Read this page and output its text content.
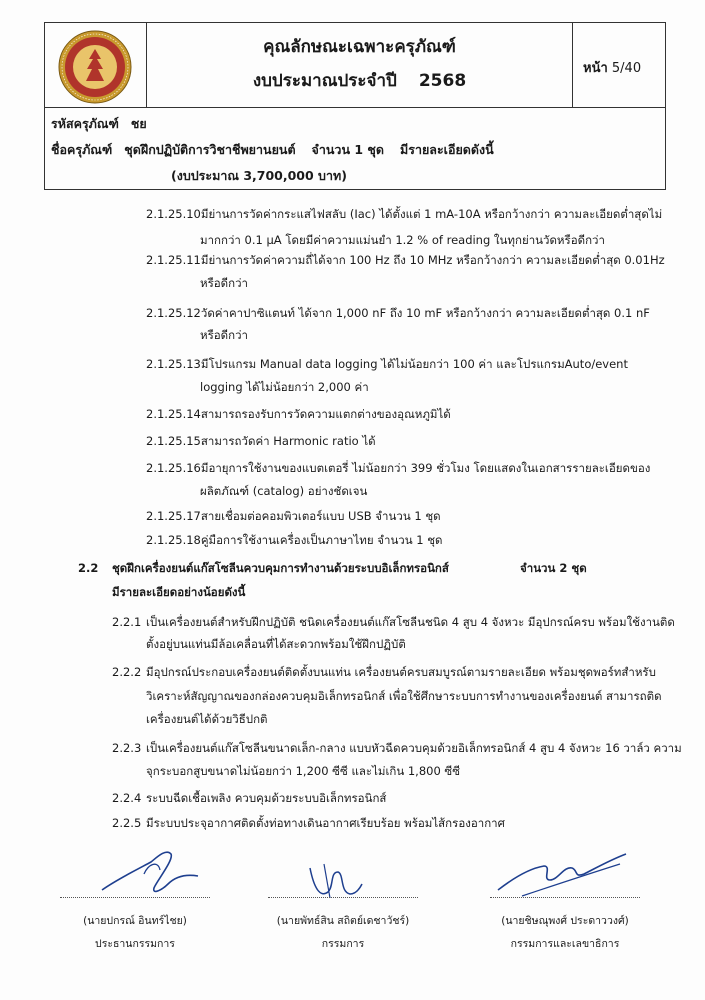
คุณลักษณะเฉพาะครุภัณฑ์
งบประมาณประจำปี 2568
หน้า 5/40
รหัสครุภัณฑ์ ชย
ชื่อครุภัณฑ์ ชุดฝึกปฏิบัติการวิชาชีพยานยนต์ จำนวน 1 ชุด มีรายละเอียดดังนี้
(งบประมาณ 3,700,000 บาท)
2.1.25.10มีย่านการวัดค่ากระแสไฟสลับ (Iac) ได้ตั้งแต่ 1 mA-10A หรือกว้างกว่า ความละเอียดต่ำสุดไม่
มากกว่า 0.1 μA โดยมีค่าความแม่นยำ 1.2 % of reading ในทุกย่านวัดหรือดีกว่า
2.1.25.11มีย่านการวัดค่าความถี่ได้จาก 100 Hz ถึง 10 MHz หรือกว้างกว่า ความละเอียดต่ำสุด 0.01Hz
หรือดีกว่า
2.1.25.12วัดค่าคาปาซิแตนท์ ได้จาก 1,000 nF ถึง 10 mF หรือกว้างกว่า ความละเอียดต่ำสุด 0.1 nF
หรือดีกว่า
2.1.25.13มีโปรแกรม Manual data logging ได้ไม่น้อยกว่า 100 ค่า และโปรแกรมAuto/event
logging ได้ไม่น้อยกว่า 2,000 ค่า
2.1.25.14สามารถรองรับการวัดความแตกต่างของอุณหภูมิได้
2.1.25.15สามารถวัดค่า Harmonic ratio ได้
2.1.25.16มีอายุการใช้งานของแบตเตอรี่ ไม่น้อยกว่า 399 ชั่วโมง โดยแสดงในเอกสารรายละเอียดของ
ผลิตภัณฑ์ (catalog) อย่างชัดเจน
2.1.25.17สายเชื่อมต่อคอมพิวเตอร์แบบ USB จำนวน 1 ชุด
2.1.25.18คู่มือการใช้งานเครื่องเป็นภาษาไทย จำนวน 1 ชุด
2.2 ชุดฝึกเครื่องยนต์แก๊สโซลีนควบคุมการทำงานด้วยระบบอิเล็กทรอนิกส์	จำนวน 2 ชุด
มีรายละเอียดอย่างน้อยดังนี้
2.2.1 เป็นเครื่องยนต์สำหรับฝึกปฏิบัติ ชนิดเครื่องยนต์แก๊สโซลีนชนิด 4 สูบ 4 จังหวะ มีอุปกรณ์ครบ พร้อมใช้งานติด
ตั้งอยู่บนแท่นมีล้อเคลื่อนที่ได้สะดวกพร้อมใช้ฝึกปฏิบัติ
2.2.2 มีอุปกรณ์ประกอบเครื่องยนต์ติดตั้งบนแท่น เครื่องยนต์ครบสมบูรณ์ตามรายละเอียด พร้อมชุดพอร์ทสำหรับ
วิเคราะห์สัญญาณของกล่องควบคุมอิเล็กทรอนิกส์ เพื่อใช้ศึกษาระบบการทำงานของเครื่องยนต์ สามารถติด
เครื่องยนต์ได้ด้วยวิธีปกติ
2.2.3 เป็นเครื่องยนต์แก๊สโซลีนขนาดเล็ก-กลาง แบบหัวฉีดควบคุมด้วยอิเล็กทรอนิกส์ 4 สูบ 4 จังหวะ 16 วาล์ว ความ
จุกระบอกสูบขนาดไม่น้อยกว่า 1,200 ซีซี และไม่เกิน 1,800 ซีซี
2.2.4 ระบบฉีดเชื้อเพลิง ควบคุมด้วยระบบอิเล็กทรอนิกส์
2.2.5 มีระบบประจุอากาศติดตั้งท่อทางเดินอากาศเรียบร้อย พร้อมไส้กรองอากาศ
(นายปกรณ์ อินทร์ไชย)
ประธานกรรมการ
(นายพัทธ์สิน สถิตย์เดชาวัชร์)
กรรมการ
(นายชิษณุพงศ์ ประดาววงศ์)
กรรมการและเลขาธิการ
